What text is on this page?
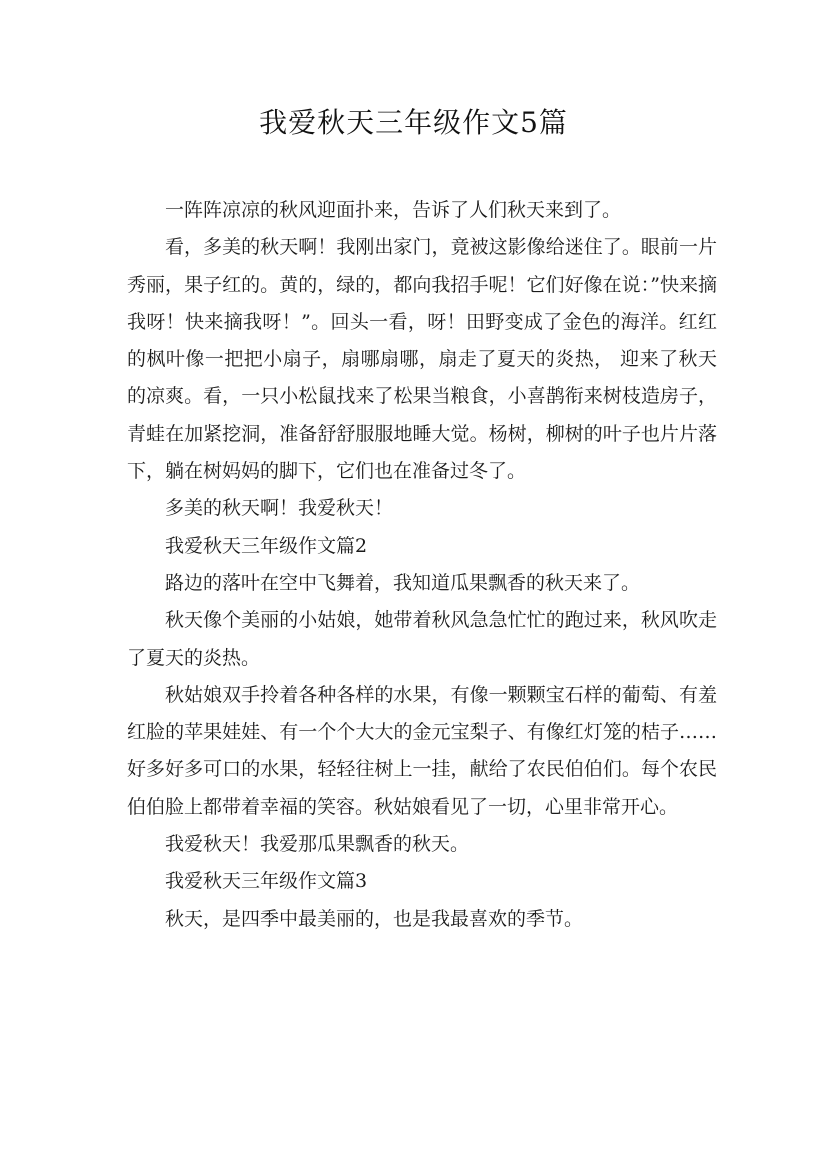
我爱秋天三年级作文5篇

一阵阵凉凉的秋风迎面扑来，告诉了人们秋天来到了。

看，多美的秋天啊！我刚出家门，竟被这影像给迷住了。眼前一片秀丽，果子红的。黄的，绿的，都向我招手呢！它们好像在说：”快来摘我呀！快来摘我呀！”。回头一看，呀！田野变成了金色的海洋。红红的枫叶像一把把小扇子，扇哪扇哪，扇走了夏天的炎热， 迎来了秋天的凉爽。看，一只小松鼠找来了松果当粮食，小喜鹊衔来树枝造房子，青蛙在加紧挖洞，准备舒舒服服地睡大觉。杨树，柳树的叶子也片片落下，躺在树妈妈的脚下，它们也在准备过冬了。

多美的秋天啊！我爱秋天！

我爱秋天三年级作文篇2

路边的落叶在空中飞舞着，我知道瓜果飘香的秋天来了。

秋天像个美丽的小姑娘，她带着秋风急急忙忙的跑过来，秋风吹走了夏天的炎热。

秋姑娘双手拎着各种各样的水果，有像一颗颗宝石样的葡萄、有羞红脸的苹果娃娃、有一个个大大的金元宝梨子、有像红灯笼的桔子……好多好多可口的水果，轻轻往树上一挂，献给了农民伯伯们。每个农民伯伯脸上都带着幸福的笑容。秋姑娘看见了一切，心里非常开心。

我爱秋天！我爱那瓜果飘香的秋天。

我爱秋天三年级作文篇3

秋天，是四季中最美丽的，也是我最喜欢的季节。
